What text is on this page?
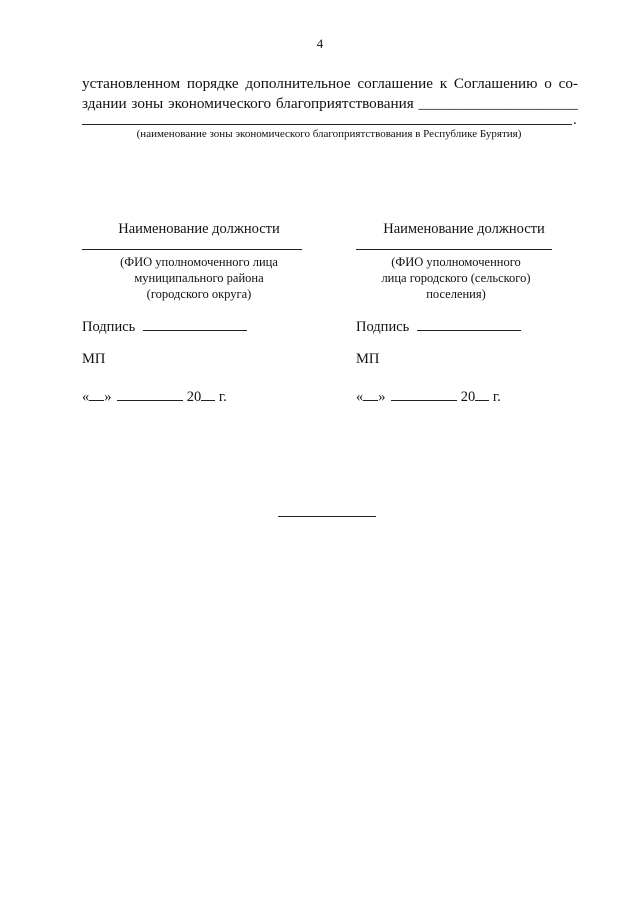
4
установленном порядке дополнительное соглашение к Соглашению о со-
здании зоны экономического благоприятствования _____________________
.
(наименование зоны экономического благоприятствования в Республике Бурятия)
Наименование должности
(ФИО уполномоченного лица
муниципального района
(городского округа)
Подпись
МП
« »	20 г.
Наименование должности
(ФИО уполномоченного
лица городского (сельского)
поселения)
Подпись
МП
« »	20 г.
